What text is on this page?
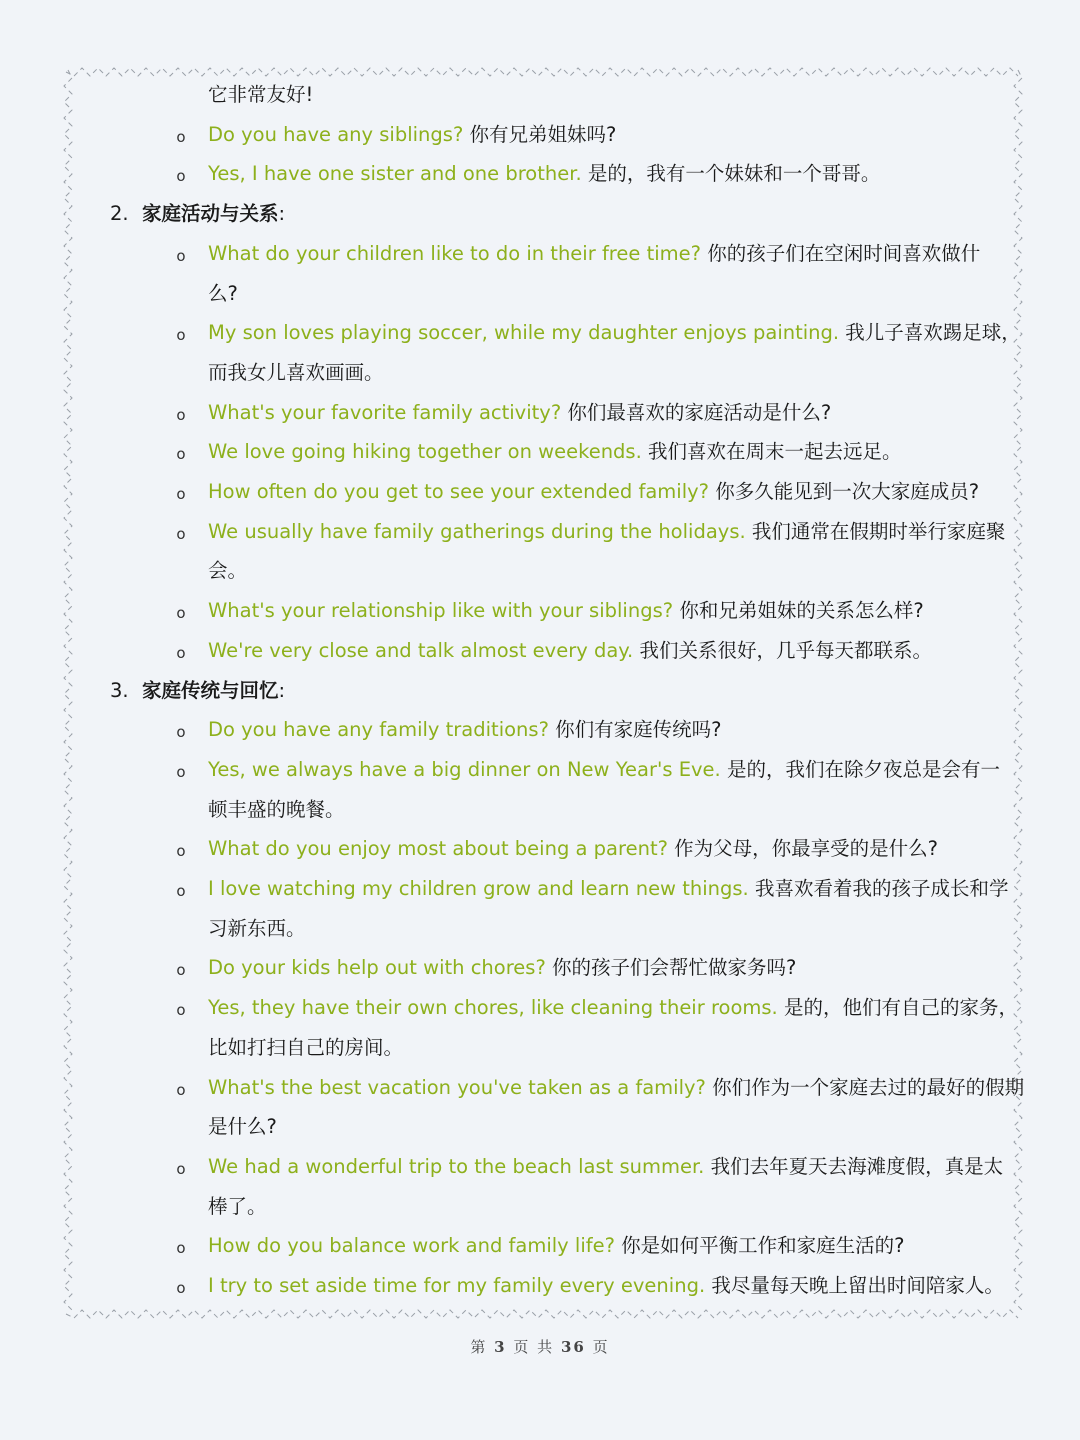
它非常友好!
o Do you have any siblings? 你有兄弟姐妹吗?
o Yes, I have one sister and one brother. 是的，我有一个妹妹和一个哥哥。
2. 家庭活动与关系:
o What do your children like to do in their free time? 你的孩子们在空闲时间喜欢做什
么?
o My son loves playing soccer, while my daughter enjoys painting. 我儿子喜欢踢足球，
而我女儿喜欢画画。
o What's your favorite family activity? 你们最喜欢的家庭活动是什么?
o We love going hiking together on weekends. 我们喜欢在周末一起去远足。
o How often do you get to see your extended family? 你多久能见到一次大家庭成员?
o We usually have family gatherings during the holidays. 我们通常在假期时举行家庭聚
会。
o What's your relationship like with your siblings? 你和兄弟姐妹的关系怎么样?
o We're very close and talk almost every day. 我们关系很好，几乎每天都联系。
3. 家庭传统与回忆:
o Do you have any family traditions? 你们有家庭传统吗?
o Yes, we always have a big dinner on New Year's Eve. 是的，我们在除夕夜总是会有一
顿丰盛的晚餐。
o What do you enjoy most about being a parent? 作为父母，你最享受的是什么?
o I love watching my children grow and learn new things. 我喜欢看着我的孩子成长和学
习新东西。
o Do your kids help out with chores? 你的孩子们会帮忙做家务吗?
o Yes, they have their own chores, like cleaning their rooms. 是的，他们有自己的家务，
比如打扫自己的房间。
o What's the best vacation you've taken as a family? 你们作为一个家庭去过的最好的假期
是什么?
o We had a wonderful trip to the beach last summer. 我们去年夏天去海滩度假，真是太
棒了。
o How do you balance work and family life? 你是如何平衡工作和家庭生活的?
o I try to set aside time for my family every evening. 我尽量每天晚上留出时间陪家人。
第 3 页 共 36 页
